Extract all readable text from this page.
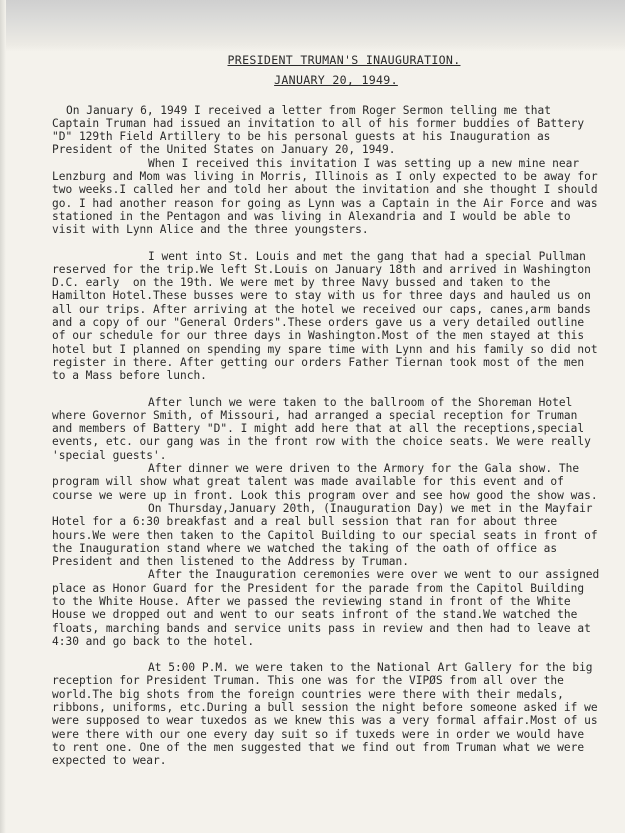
PRESIDENT TRUMAN'S INAUGURATION.

JANUARY 20, 1949.

On January 6, 1949 I received a letter from Roger Sermon telling me that Captain Truman had issued an invitation to all of his former buddies of Battery "D" 129th Field Artillery to be his personal guests at his Inauguration as President of the United States on January 20, 1949.

When I received this invitation I was setting up a new mine near Lenzburg and Mom was living in Morris, Illinois as I only expected to be away for two weeks.I called her and told her about the invitation and she thought I should go. I had another reason for going as Lynn was a Captain in the Air Force and was stationed in the Pentagon and was living in Alexandria and I would be able to visit with Lynn Alice and the three youngsters.

I went into St. Louis and met the gang that had a special Pullman reserved for the trip.We left St.Louis on January 18th and arrived in Washington D.C. early  on the 19th. We were met by three Navy bussed and taken to the Hamilton Hotel.These busses were to stay with us for three days and hauled us on all our trips. After arriving at the hotel we received our caps, canes,arm bands and a copy of our "General Orders".These orders gave us a very detailed outline of our schedule for our three days in Washington.Most of the men stayed at this hotel but I planned on spending my spare time with Lynn and his family so did not register in there. After getting our orders Father Tiernan took most of the men to a Mass before lunch.

After lunch we were taken to the ballroom of the Shoreman Hotel where Governor Smith, of Missouri, had arranged a special reception for Truman and members of Battery "D". I might add here that at all the receptions,special events, etc. our gang was in the front row with the choice seats. We were really 'special guests'.

After dinner we were driven to the Armory for the Gala show. The program will show what great talent was made available for this event and of course we were up in front. Look this program over and see how good the show was.

On Thursday,January 20th, (Inauguration Day) we met in the Mayfair Hotel for a 6:30 breakfast and a real bull session that ran for about three hours.We were then taken to the Capitol Building to our special seats in front of the Inauguration stand where we watched the taking of the oath of office as President and then listened to the Address by Truman.

After the Inauguration ceremonies were over we went to our assigned place as Honor Guard for the President for the parade from the Capitol Building to the White House. After we passed the reviewing stand in front of the White House we dropped out and went to our seats infront of the stand.We watched the floats, marching bands and service units pass in review and then had to leave at 4:30 and go back to the hotel.

At 5:00 P.M. we were taken to the National Art Gallery for the big reception for President Truman. This one was for the VIPØS from all over the world.The big shots from the foreign countries were there with their medals, ribbons, uniforms, etc.During a bull session the night before someone asked if we were supposed to wear tuxedos as we knew this was a very formal affair.Most of us were there with our one every day suit so if tuxeds were in order we would have to rent one. One of the men suggested that we find out from Truman what we were expected to wear.
